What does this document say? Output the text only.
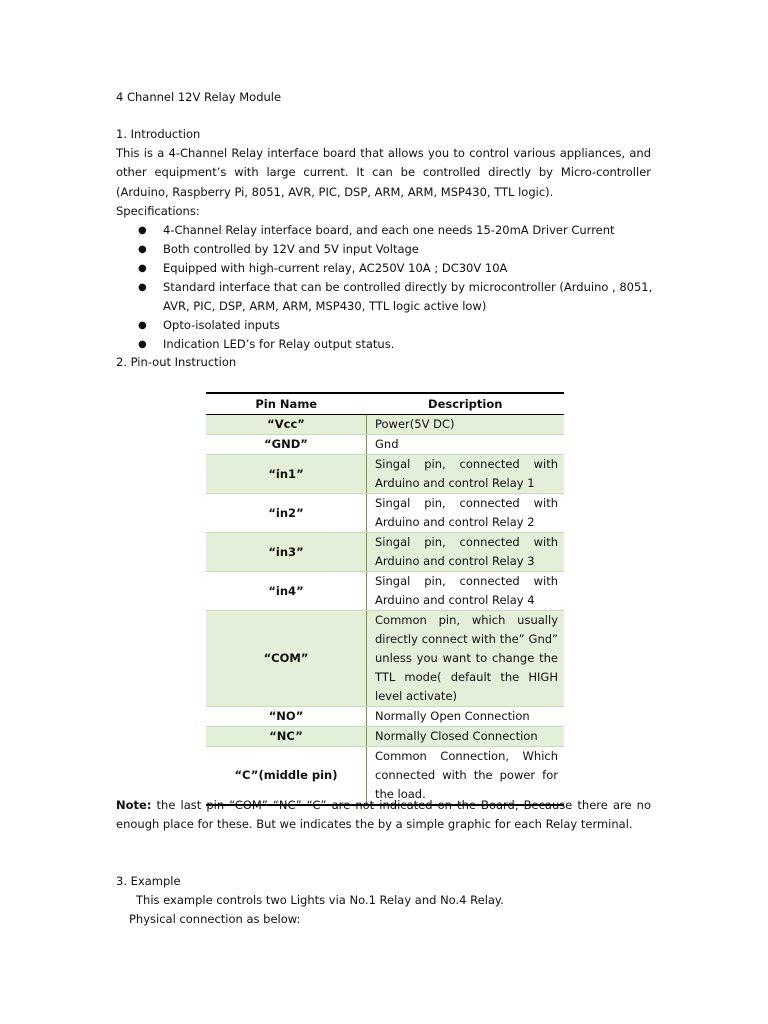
4 Channel 12V Relay Module
1. Introduction
This is a 4-Channel Relay interface board that allows you to control various appliances, and other equipment’s with large current. It can be controlled directly by Micro-controller (Arduino, Raspberry Pi, 8051, AVR, PIC, DSP, ARM, ARM, MSP430, TTL logic).
Specifications:
● 4-Channel Relay interface board, and each one needs 15-20mA Driver Current
● Both controlled by 12V and 5V input Voltage
● Equipped with high-current relay, AC250V 10A ; DC30V 10A
● Standard interface that can be controlled directly by microcontroller (Arduino , 8051, AVR, PIC, DSP, ARM, ARM, MSP430, TTL logic active low)
● Opto-isolated inputs
● Indication LED’s for Relay output status.
2. Pin-out Instruction
Pin Name	Description
“Vcc”	Power(5V DC)
“GND”	Gnd
“in1”	Singal pin, connected with Arduino and control Relay 1
“in2”	Singal pin, connected with Arduino and control Relay 2
“in3”	Singal pin, connected with Arduino and control Relay 3
“in4”	Singal pin, connected with Arduino and control Relay 4
“COM”	Common pin, which usually directly connect with the” Gnd” unless you want to change the TTL mode( default the HIGH level activate)
“NO”	Normally Open Connection
“NC”	Normally Closed Connection
“C”(middle pin)	Common Connection, Which connected with the power for the load.
Note: the last pin “COM” “NC” “C” are not indicated on the Board, Because there are no enough place for these. But we indicates the by a simple graphic for each Relay terminal.
3. Example
This example controls two Lights via No.1 Relay and No.4 Relay.
Physical connection as below:
